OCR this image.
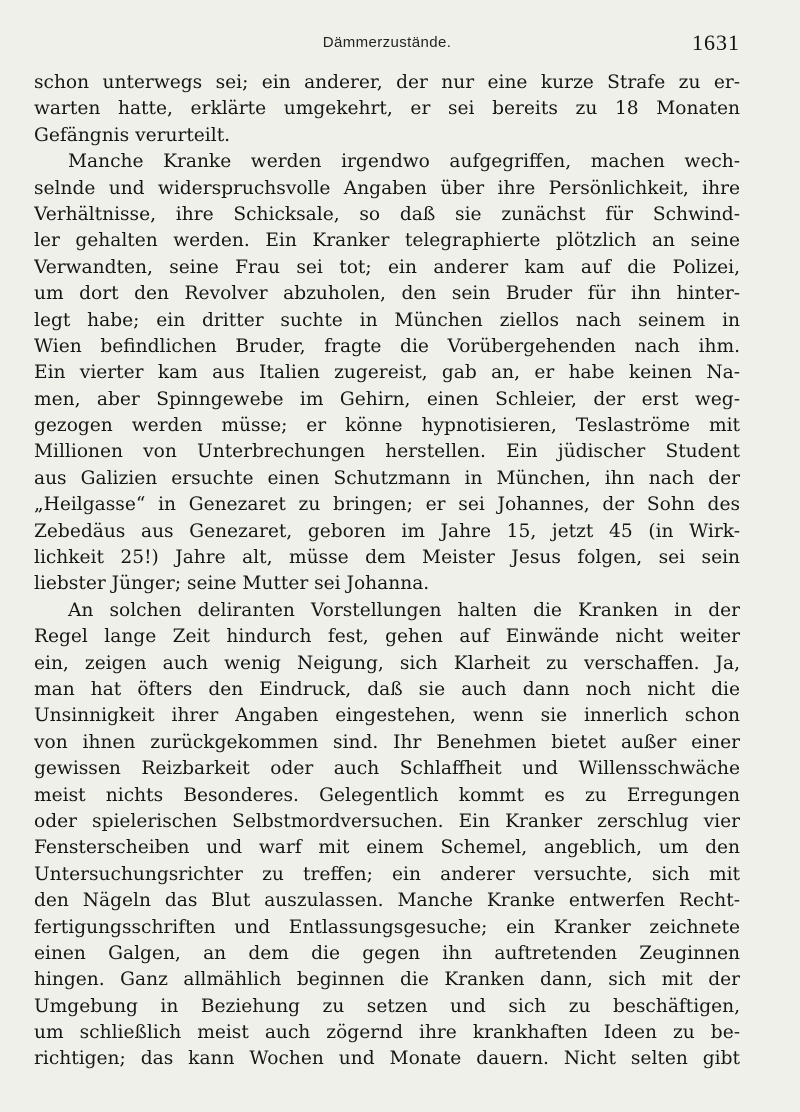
Dämmerzustände.	1631
schon unterwegs sei; ein anderer, der nur eine kurze Strafe zu er-
warten hatte, erklärte umgekehrt, er sei bereits zu 18 Monaten
Gefängnis verurteilt.
Manche Kranke werden irgendwo aufgegriffen, machen wech-
selnde und widerspruchsvolle Angaben über ihre Persönlichkeit, ihre
Verhältnisse, ihre Schicksale, so daß sie zunächst für Schwind-
ler gehalten werden. Ein Kranker telegraphierte plötzlich an seine
Verwandten, seine Frau sei tot; ein anderer kam auf die Polizei,
um dort den Revolver abzuholen, den sein Bruder für ihn hinter-
legt habe; ein dritter suchte in München ziellos nach seinem in
Wien befindlichen Bruder, fragte die Vorübergehenden nach ihm.
Ein vierter kam aus Italien zugereist, gab an, er habe keinen Na-
men, aber Spinngewebe im Gehirn, einen Schleier, der erst weg-
gezogen werden müsse; er könne hypnotisieren, Teslaströme mit
Millionen von Unterbrechungen herstellen. Ein jüdischer Student
aus Galizien ersuchte einen Schutzmann in München, ihn nach der
„Heilgasse“ in Genezaret zu bringen; er sei Johannes, der Sohn des
Zebedäus aus Genezaret, geboren im Jahre 15, jetzt 45 (in Wirk-
lichkeit 25!) Jahre alt, müsse dem Meister Jesus folgen, sei sein
liebster Jünger; seine Mutter sei Johanna.
An solchen deliranten Vorstellungen halten die Kranken in der
Regel lange Zeit hindurch fest, gehen auf Einwände nicht weiter
ein, zeigen auch wenig Neigung, sich Klarheit zu verschaffen. Ja,
man hat öfters den Eindruck, daß sie auch dann noch nicht die
Unsinnigkeit ihrer Angaben eingestehen, wenn sie innerlich schon
von ihnen zurückgekommen sind. Ihr Benehmen bietet außer einer
gewissen Reizbarkeit oder auch Schlaffheit und Willensschwäche
meist nichts Besonderes. Gelegentlich kommt es zu Erregungen
oder spielerischen Selbstmordversuchen. Ein Kranker zerschlug vier
Fensterscheiben und warf mit einem Schemel, angeblich, um den
Untersuchungsrichter zu treffen; ein anderer versuchte, sich mit
den Nägeln das Blut auszulassen. Manche Kranke entwerfen Recht-
fertigungsschriften und Entlassungsgesuche; ein Kranker zeichnete
einen Galgen, an dem die gegen ihn auftretenden Zeuginnen
hingen. Ganz allmählich beginnen die Kranken dann, sich mit der
Umgebung in Beziehung zu setzen und sich zu beschäftigen,
um schließlich meist auch zögernd ihre krankhaften Ideen zu be-
richtigen; das kann Wochen und Monate dauern. Nicht selten gibt
